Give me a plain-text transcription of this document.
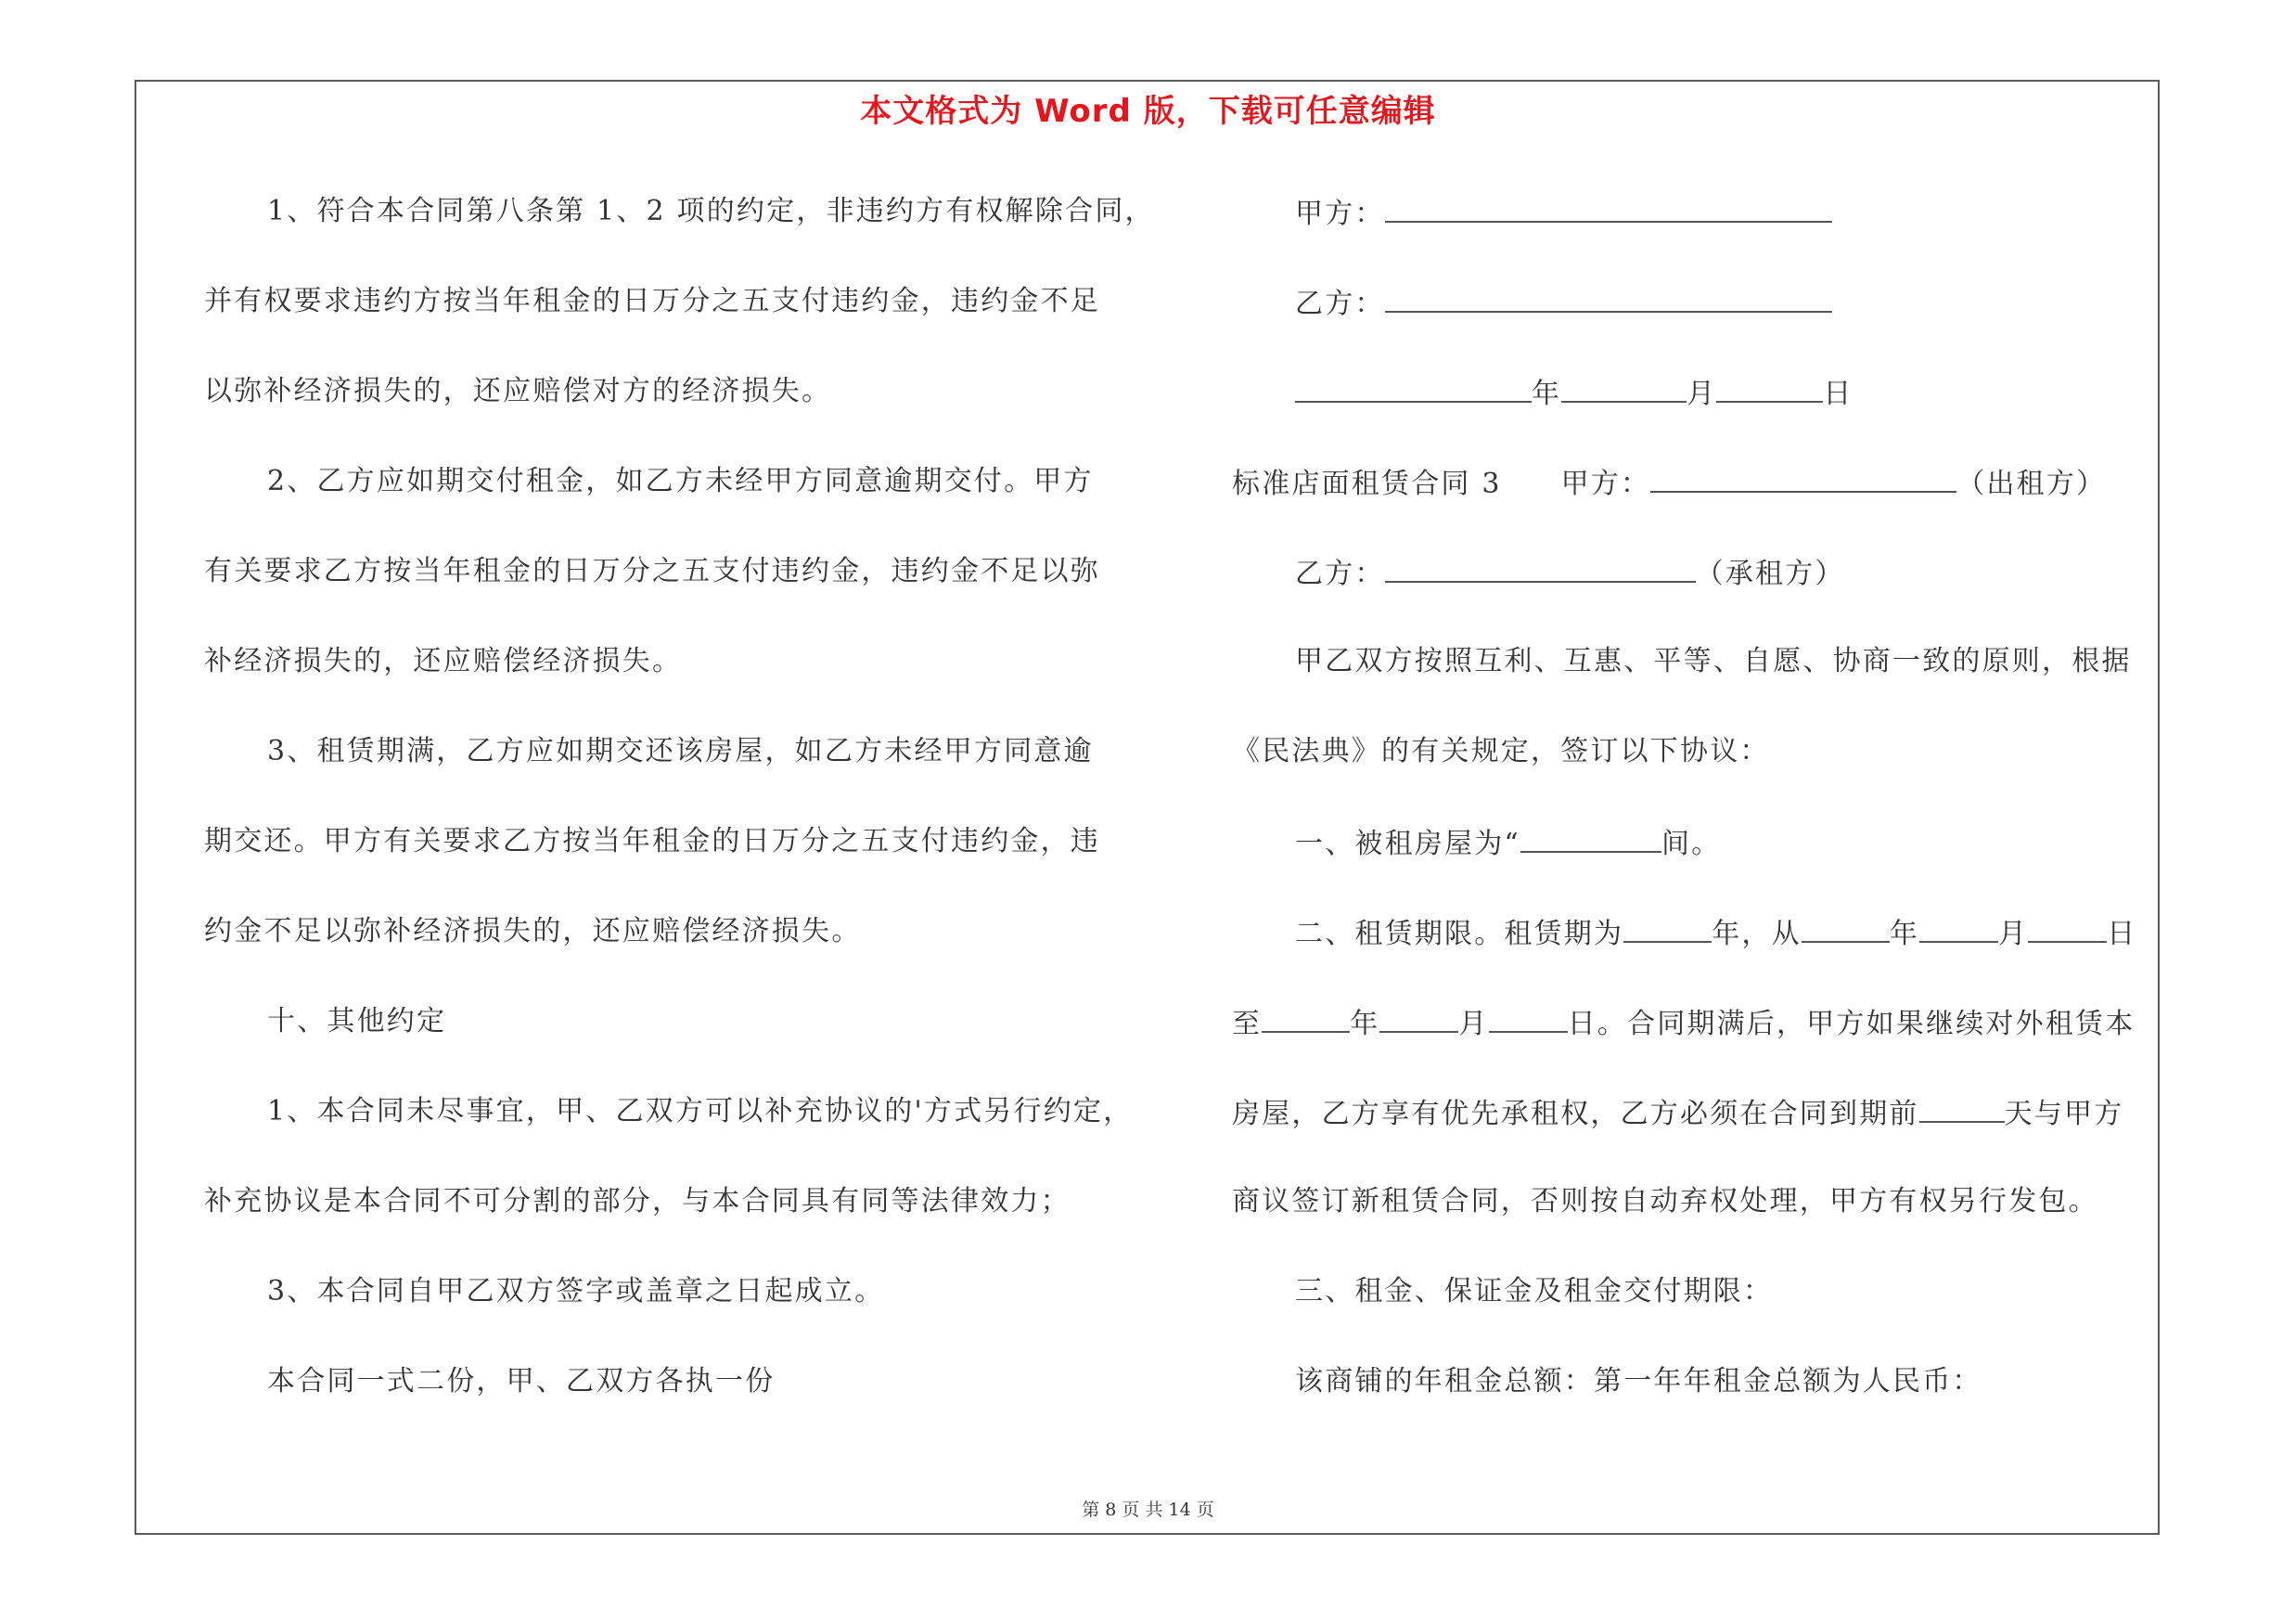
本文格式为 Word 版，下载可任意编辑
1、符合本合同第八条第 1、2 项的约定，非违约方有权解除合同，
并有权要求违约方按当年租金的日万分之五支付违约金，违约金不足
以弥补经济损失的，还应赔偿对方的经济损失。
2、乙方应如期交付租金，如乙方未经甲方同意逾期交付。甲方
有关要求乙方按当年租金的日万分之五支付违约金，违约金不足以弥
补经济损失的，还应赔偿经济损失。
3、租赁期满，乙方应如期交还该房屋，如乙方未经甲方同意逾
期交还。甲方有关要求乙方按当年租金的日万分之五支付违约金，违
约金不足以弥补经济损失的，还应赔偿经济损失。
十、其他约定
1、本合同未尽事宜，甲、乙双方可以补充协议的'方式另行约定，
补充协议是本合同不可分割的部分，与本合同具有同等法律效力；
3、本合同自甲乙双方签字或盖章之日起成立。
本合同一式二份，甲、乙双方各执一份
甲方：
乙方：
年	月	日
标准店面租赁合同 3 甲方：	（出租方）
乙方：	（承租方）
甲乙双方按照互利、互惠、平等、自愿、协商一致的原则，根据
《民法典》的有关规定，签订以下协议：
一、被租房屋为“	间。
二、租赁期限。租赁期为	年，从	年	月	日
至	年	月	日。合同期满后，甲方如果继续对外租赁本
房屋，乙方享有优先承租权，乙方必须在合同到期前	天与甲方
商议签订新租赁合同，否则按自动弃权处理，甲方有权另行发包。
三、租金、保证金及租金交付期限：
该商铺的年租金总额：第一年年租金总额为人民币：
第 8 页 共 14 页
